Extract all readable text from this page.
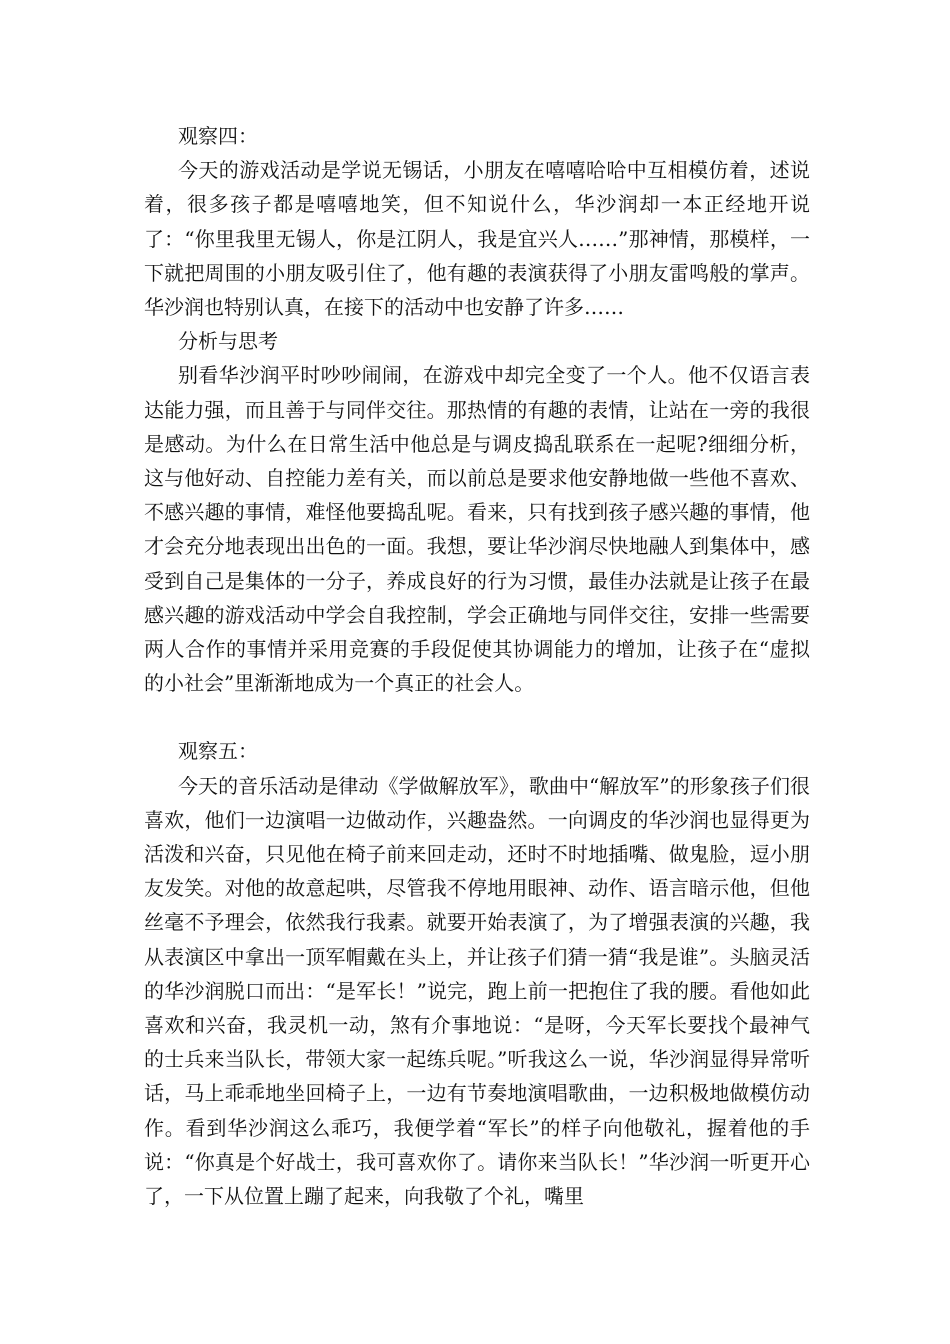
观察四：

今天的游戏活动是学说无锡话，小朋友在嘻嘻哈哈中互相模仿着，述说着，很多孩子都是嘻嘻地笑，但不知说什么，华沙润却一本正经地开说了：“你里我里无锡人，你是江阴人，我是宜兴人……”那神情，那模样，一下就把周围的小朋友吸引住了，他有趣的表演获得了小朋友雷鸣般的掌声。华沙润也特别认真，在接下的活动中也安静了许多……

分析与思考

别看华沙润平时吵吵闹闹，在游戏中却完全变了一个人。他不仅语言表达能力强，而且善于与同伴交往。那热情的有趣的表情，让站在一旁的我很是感动。为什么在日常生活中他总是与调皮捣乱联系在一起呢?细细分析，这与他好动、自控能力差有关，而以前总是要求他安静地做一些他不喜欢、不感兴趣的事情，难怪他要捣乱呢。看来，只有找到孩子感兴趣的事情，他才会充分地表现出出色的一面。我想，要让华沙润尽快地融人到集体中，感受到自己是集体的一分子，养成良好的行为习惯，最佳办法就是让孩子在最感兴趣的游戏活动中学会自我控制，学会正确地与同伴交往，安排一些需要两人合作的事情并采用竞赛的手段促使其协调能力的增加，让孩子在“虚拟的小社会”里渐渐地成为一个真正的社会人。

观察五：

今天的音乐活动是律动《学做解放军》，歌曲中“解放军”的形象孩子们很喜欢，他们一边演唱一边做动作，兴趣盎然。一向调皮的华沙润也显得更为活泼和兴奋，只见他在椅子前来回走动，还时不时地插嘴、做鬼脸，逗小朋友发笑。对他的故意起哄，尽管我不停地用眼神、动作、语言暗示他，但他丝毫不予理会，依然我行我素。就要开始表演了，为了增强表演的兴趣，我从表演区中拿出一顶军帽戴在头上，并让孩子们猜一猜“我是谁”。头脑灵活的华沙润脱口而出：“是军长！”说完，跑上前一把抱住了我的腰。看他如此喜欢和兴奋，我灵机一动，煞有介事地说：“是呀，今天军长要找个最神气的士兵来当队长，带领大家一起练兵呢。”听我这么一说，华沙润显得异常听话，马上乖乖地坐回椅子上，一边有节奏地演唱歌曲，一边积极地做模仿动作。看到华沙润这么乖巧，我便学着“军长”的样子向他敬礼，握着他的手说：“你真是个好战士，我可喜欢你了。请你来当队长！”华沙润一听更开心了，一下从位置上蹦了起来，向我敬了个礼，嘴里
